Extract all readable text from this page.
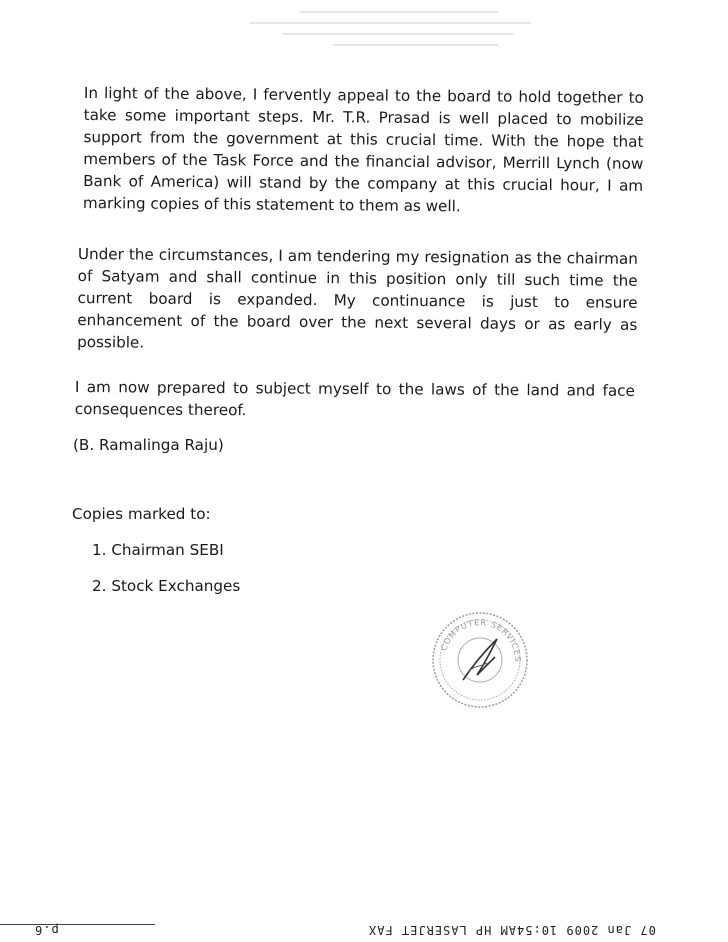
In light of the above, I fervently appeal to the board to hold together to take some important steps. Mr. T.R. Prasad is well placed to mobilize support from the government at this crucial time. With the hope that members of the Task Force and the financial advisor, Merrill Lynch (now Bank of America) will stand by the company at this crucial hour, I am marking copies of this statement to them as well.

Under the circumstances, I am tendering my resignation as the chairman of Satyam and shall continue in this position only till such time the current board is expanded. My continuance is just to ensure enhancement of the board over the next several days or as early as possible.

I am now prepared to subject myself to the laws of the land and face consequences thereof.

(B. Ramalinga Raju)

Copies marked to:

1. Chairman SEBI
2. Stock Exchanges
COMPUTER SERVICES
p.6	07 Jan 2009 10:54AM HP LASERJET FAX
